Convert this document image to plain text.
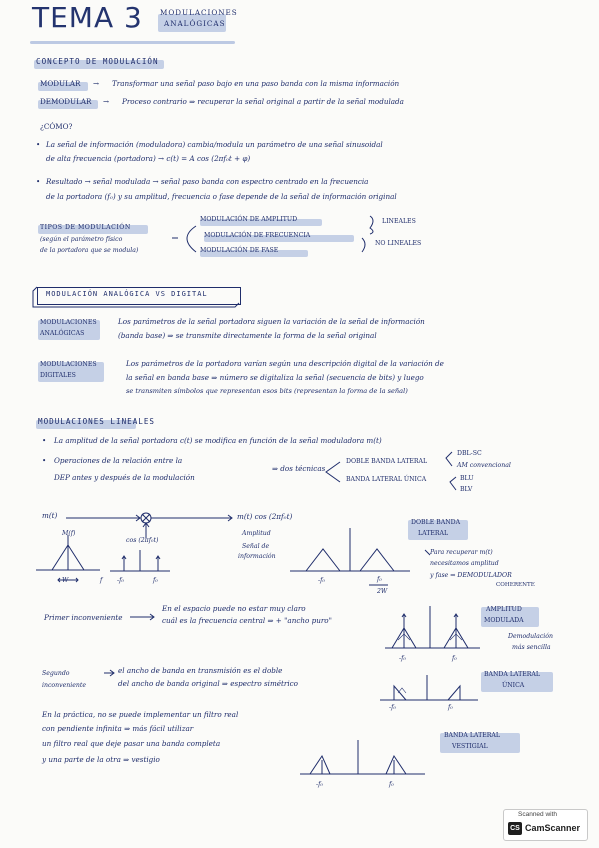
TEMA 3 MODULACIONES
ANALÓGICAS
CONCEPTO DE MODULACIÓN
MODULAR → Transformar una señal paso bajo en una paso banda con la misma información
DEMODULAR → Proceso contrario ⇒ recuperar la señal original a partir de la señal modulada
¿CÓMO?
• La señal de información (moduladora) cambia/modula un parámetro de una señal sinusoidal
de alta frecuencia (portadora) → c(t) = A cos (2πf₀t + φ)
• Resultado → señal modulada → señal paso banda con espectro centrado en la frecuencia
de la portadora (f₀) y su amplitud, frecuencia o fase depende de la señal de información original
TIPOS DE MODULACIÓN
(según el parámetro físico
de la portadora que se modula)
MODULACIÓN DE AMPLITUD
MODULACIÓN DE FRECUENCIA
MODULACIÓN DE FASE
LINEALES
NO LINEALES
MODULACIÓN ANALÓGICA VS DIGITAL
MODULACIONES
ANALÓGICAS
Los parámetros de la señal portadora siguen la variación de la señal de información
(banda base) ⇒ se transmite directamente la forma de la señal original
MODULACIONES
DIGITALES
Los parámetros de la portadora varían según una descripción digital de la variación de
la señal en banda base ⇒ número se digitaliza la señal (secuencia de bits) y luego
se transmiten símbolos que representan esos bits (representan la forma de la señal)
MODULACIONES LINEALES
• La amplitud de la señal portadora c(t) se modifica en función de la señal moduladora m(t)
• Operaciones de la relación entre la
DEP antes y después de la modulación
⇒ dos técnicas
DOBLE BANDA LATERAL
BANDA LATERAL ÚNICA
DBL-SC
AM convencional
BLU
BLV
m(t)	m(t) cos (2πf₀t)
cos (2πf₀t)
M(f)	Amplitud
Señal de
información
W	-f₀	f₀	-f₀	f₀
2W
f
DOBLE BANDA
LATERAL
Para recuperar m(t)
necesitamos amplitud
y fase ⇒ DEMODULADOR
COHERENTE
Primer inconveniente
En el espacio puede no estar muy claro
cuál es la frecuencia central ⇒ + "ancho puro"
Segundo
inconveniente
el ancho de banda en transmisión es el doble
del ancho de banda original ⇒ espectro simétrico
En la práctica, no se puede implementar un filtro real
con pendiente infinita ⇒ más fácil utilizar
un filtro real que deje pasar una banda completa
y una parte de la otra ⇒ vestigio
AMPLITUD
MODULADA
Demodulación
más sencilla
BANDA LATERAL
ÚNICA
BANDA LATERAL
VESTIGIAL
-f₀	f₀
-f₀	f₀
-f₀	f₀
Scanned with
CS CamScanner
